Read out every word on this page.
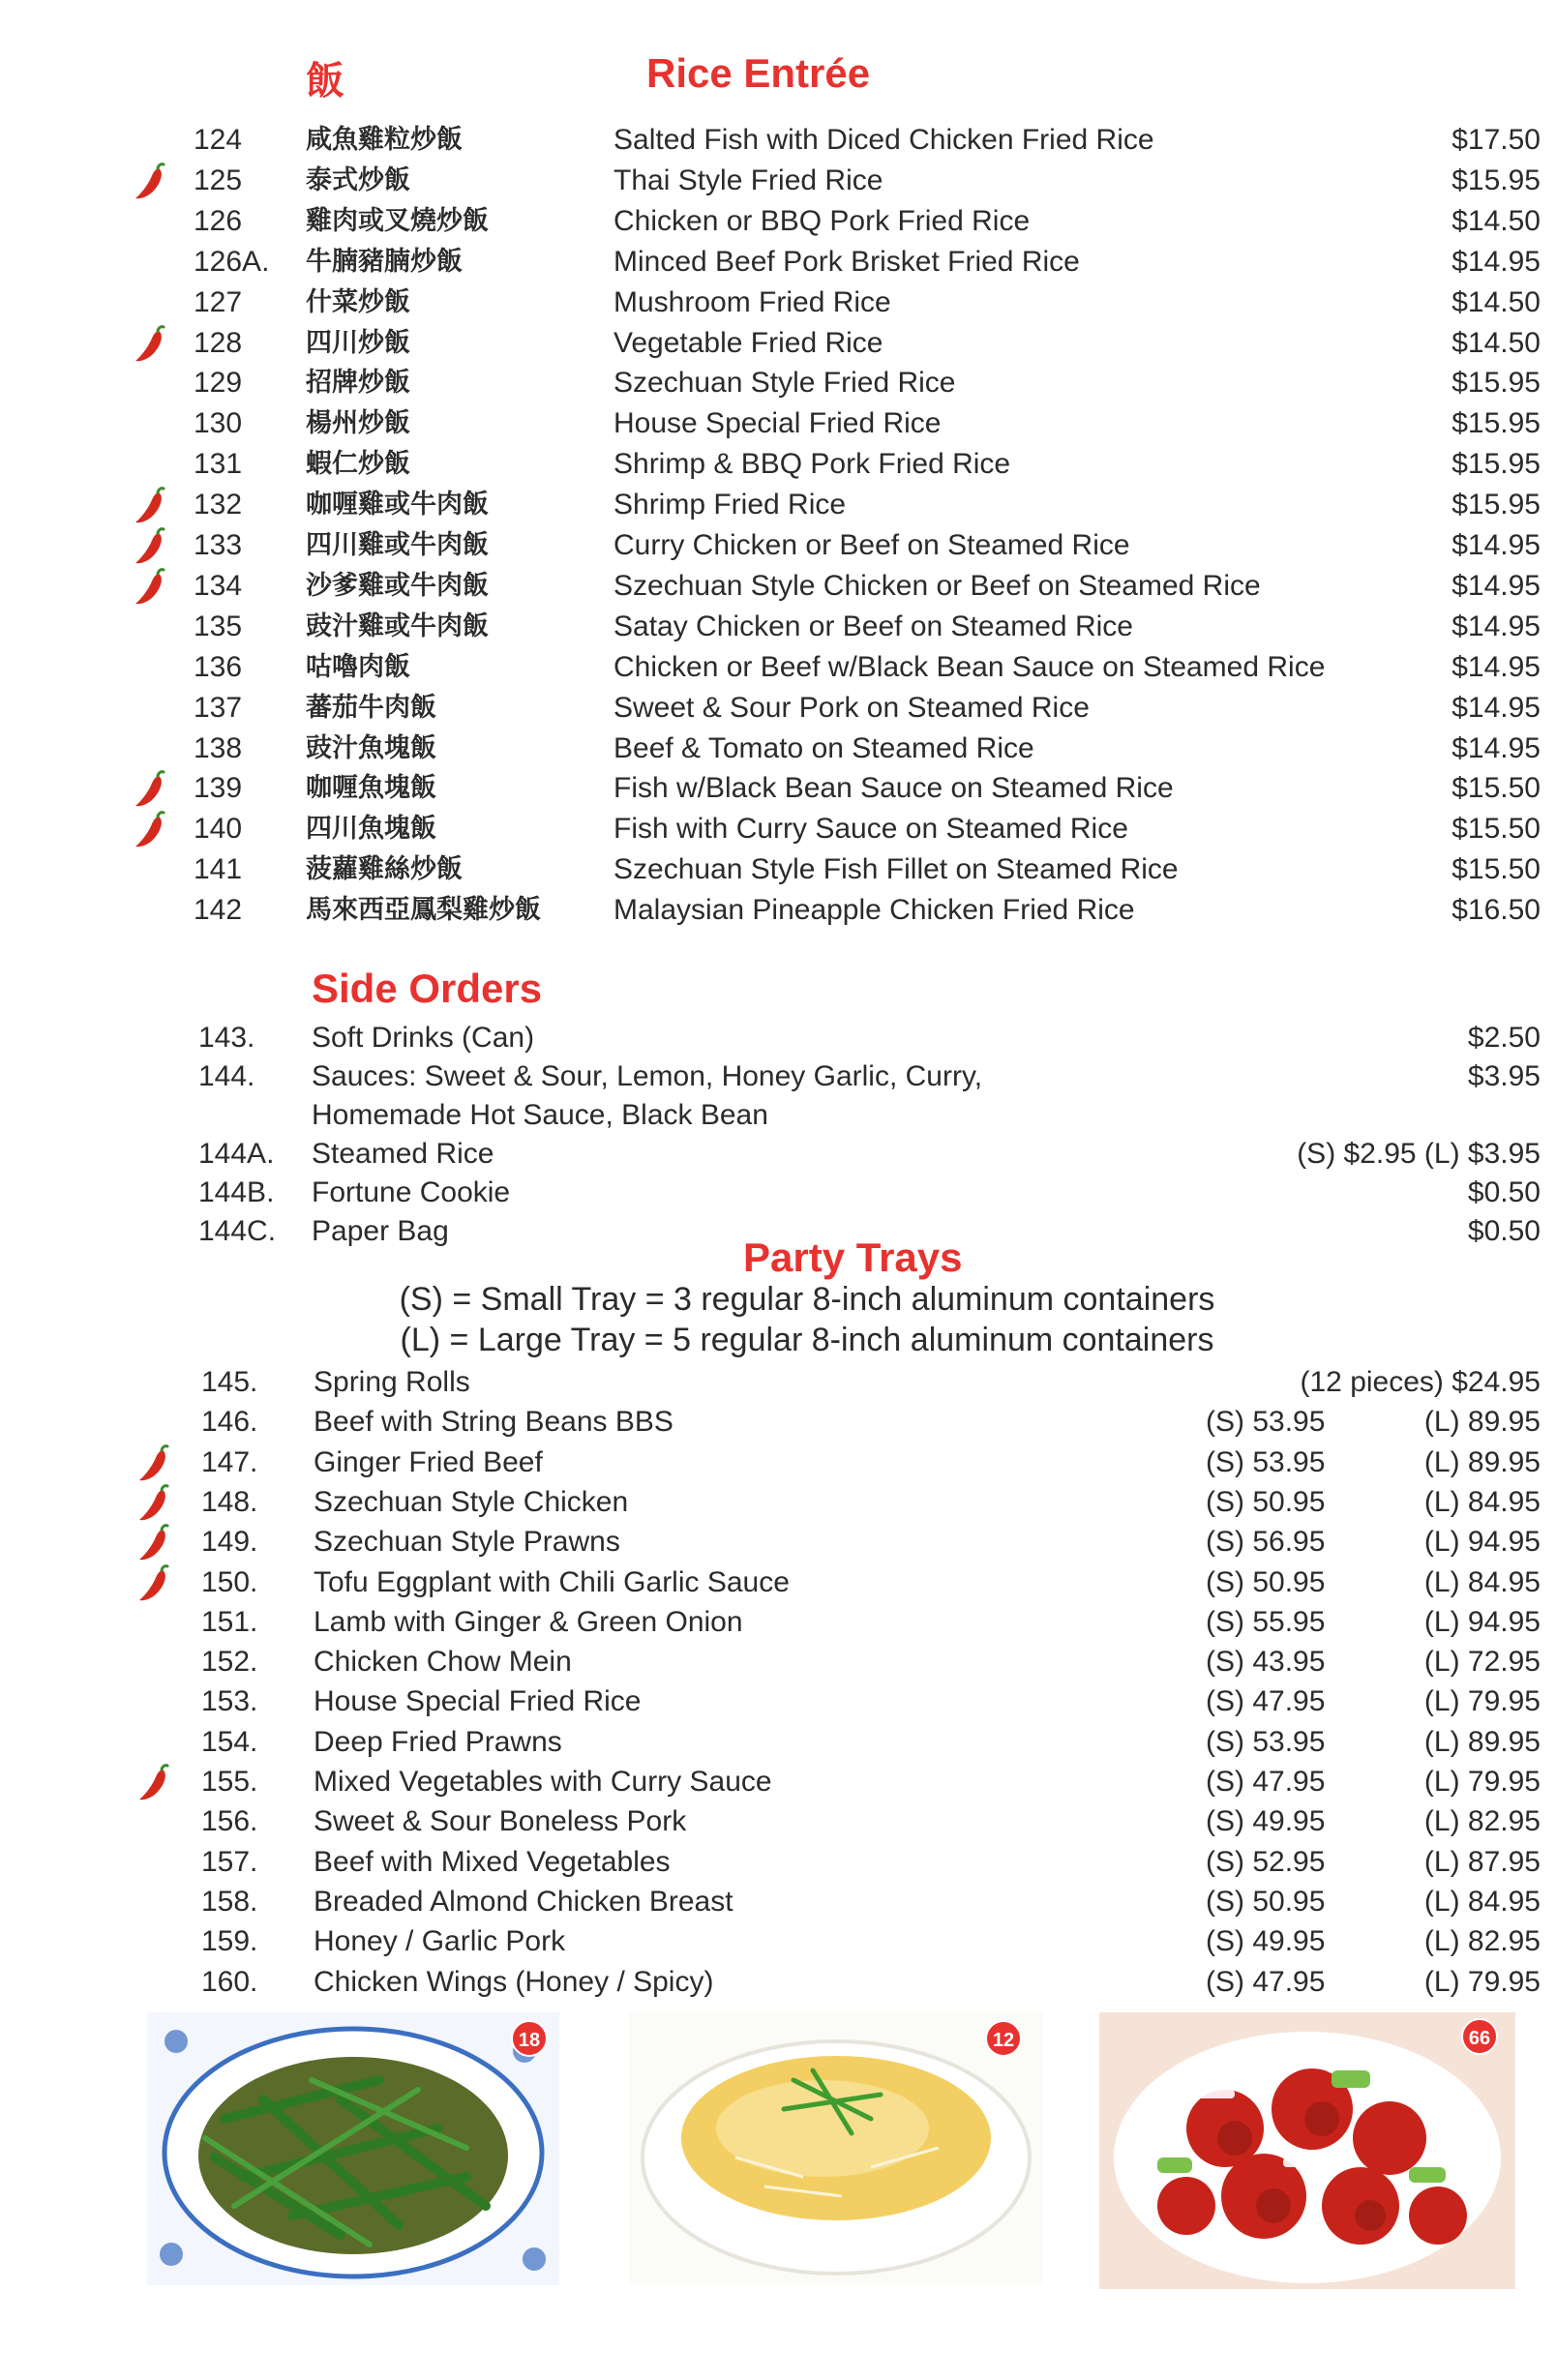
飯	Rice Entrée
124 咸魚雞粒炒飯	Salted Fish with Diced Chicken Fried Rice	$17.50
125 泰式炒飯	Thai Style Fried Rice	$15.95
126 雞肉或叉燒炒飯	Chicken or BBQ Pork Fried Rice	$14.50
126A. 牛腩豬腩炒飯	Minced Beef Pork Brisket Fried Rice	$14.95
127 什菜炒飯	Mushroom Fried Rice	$14.50
128 四川炒飯	Vegetable Fried Rice	$14.50
129 招牌炒飯	Szechuan Style Fried Rice	$15.95
130 楊州炒飯	House Special Fried Rice	$15.95
131 蝦仁炒飯	Shrimp & BBQ Pork Fried Rice	$15.95
132 咖喱雞或牛肉飯	Shrimp Fried Rice	$15.95
133 四川雞或牛肉飯	Curry Chicken or Beef on Steamed Rice	$14.95
134 沙爹雞或牛肉飯	Szechuan Style Chicken or Beef on Steamed Rice	$14.95
135 豉汁雞或牛肉飯	Satay Chicken or Beef on Steamed Rice	$14.95
136 咕嚕肉飯	Chicken or Beef w/Black Bean Sauce on Steamed Rice	$14.95
137 蕃茄牛肉飯	Sweet & Sour Pork on Steamed Rice	$14.95
138 豉汁魚塊飯	Beef & Tomato on Steamed Rice	$14.95
139 咖喱魚塊飯	Fish w/Black Bean Sauce on Steamed Rice	$15.50
140 四川魚塊飯	Fish with Curry Sauce on Steamed Rice	$15.50
141 菠蘿雞絲炒飯	Szechuan Style Fish Fillet on Steamed Rice	$15.50
142 馬來西亞鳳梨雞炒飯	Malaysian Pineapple Chicken Fried Rice	$16.50
Side Orders
143. Soft Drinks (Can)	$2.50
144. Sauces: Sweet & Sour, Lemon, Honey Garlic, Curry,	$3.95
Homemade Hot Sauce, Black Bean
144A. Steamed Rice	(S) $2.95 (L) $3.95
144B. Fortune Cookie	$0.50
144C. Paper Bag	$0.50
Party Trays
(S) = Small Tray = 3 regular 8-inch aluminum containers
(L) = Large Tray = 5 regular 8-inch aluminum containers
145. Spring Rolls	(12 pieces) $24.95
146. Beef with String Beans BBS	(S) 53.95	(L) 89.95
147. Ginger Fried Beef	(S) 53.95	(L) 89.95
148. Szechuan Style Chicken	(S) 50.95	(L) 84.95
149. Szechuan Style Prawns	(S) 56.95	(L) 94.95
150. Tofu Eggplant with Chili Garlic Sauce	(S) 50.95	(L) 84.95
151. Lamb with Ginger & Green Onion	(S) 55.95	(L) 94.95
152. Chicken Chow Mein	(S) 43.95	(L) 72.95
153. House Special Fried Rice	(S) 47.95	(L) 79.95
154. Deep Fried Prawns	(S) 53.95	(L) 89.95
155. Mixed Vegetables with Curry Sauce	(S) 47.95	(L) 79.95
156. Sweet & Sour Boneless Pork	(S) 49.95	(L) 82.95
157. Beef with Mixed Vegetables	(S) 52.95	(L) 87.95
158. Breaded Almond Chicken Breast	(S) 50.95	(L) 84.95
159. Honey / Garlic Pork	(S) 49.95	(L) 82.95
160. Chicken Wings (Honey / Spicy)	(S) 47.95	(L) 79.95
18	12	66
